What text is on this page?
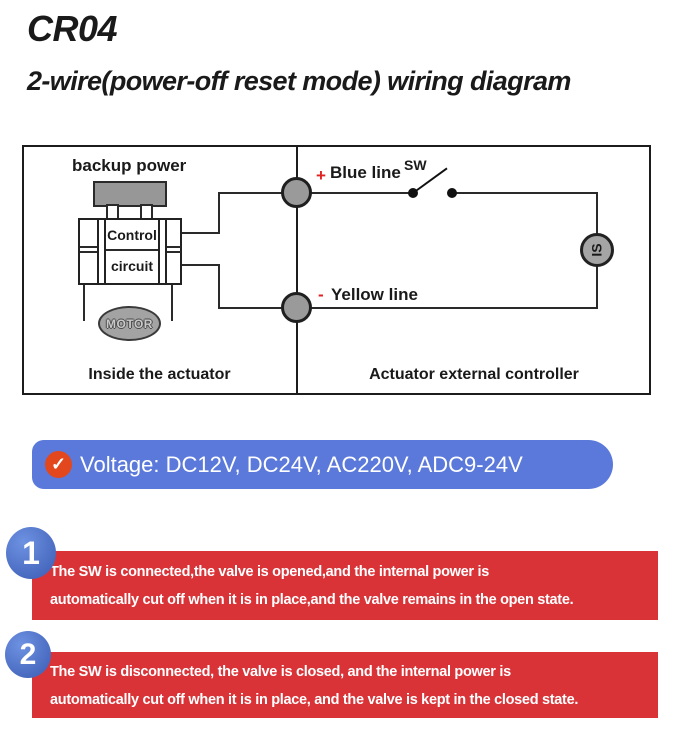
CR04
2-wire(power-off reset mode) wiring diagram
backup power
Control
circuit
MOTOR
SW
IS
+ Blue line
- Yellow line
Inside the actuator	Actuator external controller
✓ Voltage: DC12V, DC24V, AC220V, ADC9-24V
The SW is connected,the valve is opened,and the internal power is
automatically cut off when it is in place,and the valve remains in the open state.
1
The SW is disconnected, the valve is closed, and the internal power is
automatically cut off when it is in place, and the valve is kept in the closed state.
2
